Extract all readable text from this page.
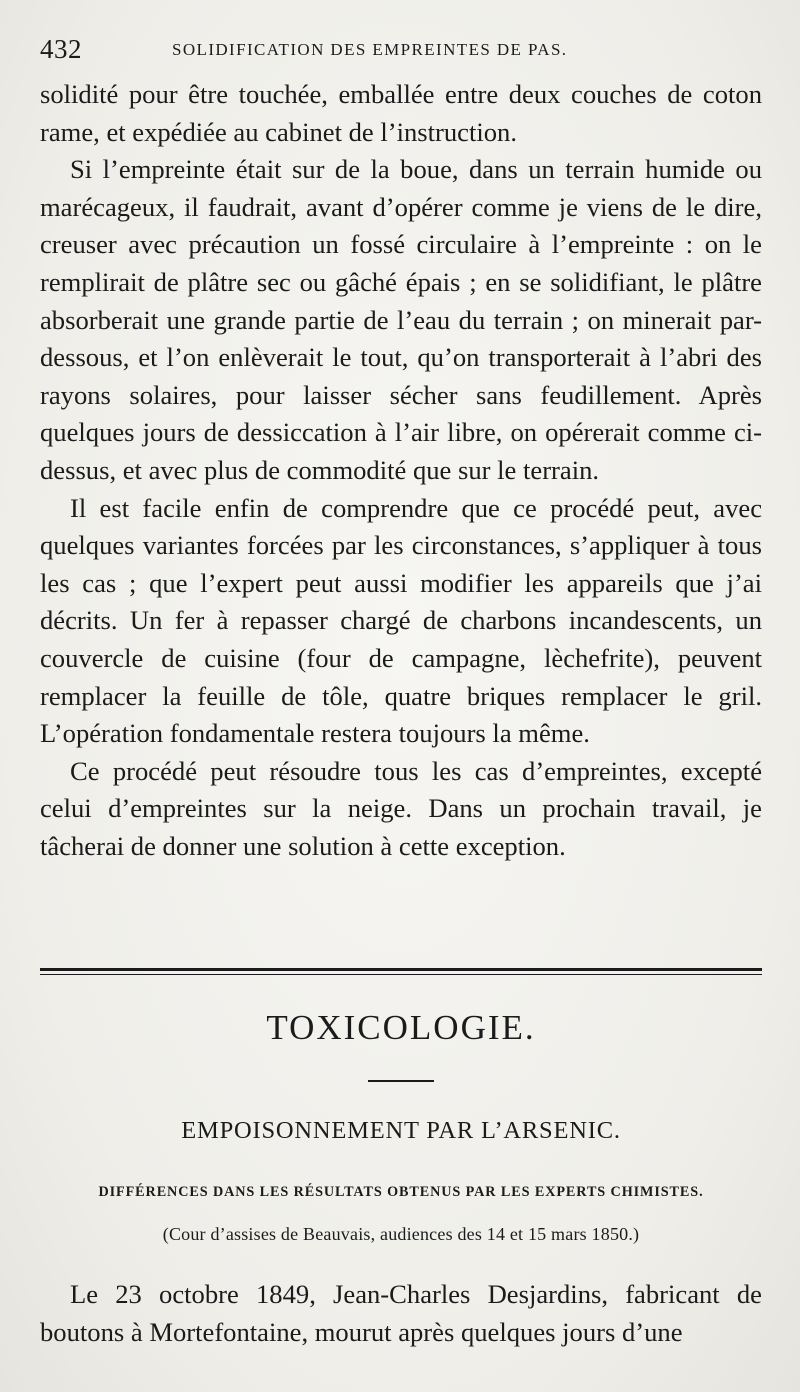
432	SOLIDIFICATION DES EMPREINTES DE PAS.

solidité pour être touchée, emballée entre deux couches de coton rame, et expédiée au cabinet de l’instruction.

Si l’empreinte était sur de la boue, dans un terrain humide ou marécageux, il faudrait, avant d’opérer comme je viens de le dire, creuser avec précaution un fossé circulaire à l’empreinte : on le remplirait de plâtre sec ou gâché épais ; en se solidifiant, le plâtre absorberait une grande partie de l’eau du terrain ; on minerait par-dessous, et l’on enlèverait le tout, qu’on transporterait à l’abri des rayons solaires, pour laisser sécher sans feudillement. Après quelques jours de dessiccation à l’air libre, on opérerait comme ci-dessus, et avec plus de commodité que sur le terrain.

Il est facile enfin de comprendre que ce procédé peut, avec quelques variantes forcées par les circonstances, s’appliquer à tous les cas ; que l’expert peut aussi modifier les appareils que j’ai décrits. Un fer à repasser chargé de charbons incandescents, un couvercle de cuisine (four de campagne, lèchefrite), peuvent remplacer la feuille de tôle, quatre briques remplacer le gril. L’opération fondamentale restera toujours la même.

Ce procédé peut résoudre tous les cas d’empreintes, excepté celui d’empreintes sur la neige. Dans un prochain travail, je tâcherai de donner une solution à cette exception.

TOXICOLOGIE.
EMPOISONNEMENT PAR L’ARSENIC.
DIFFÉRENCES DANS LES RÉSULTATS OBTENUS PAR LES EXPERTS CHIMISTES.
(Cour d’assises de Beauvais, audiences des 14 et 15 mars 1850.)

Le 23 octobre 1849, Jean-Charles Desjardins, fabricant de boutons à Mortefontaine, mourut après quelques jours d’une
